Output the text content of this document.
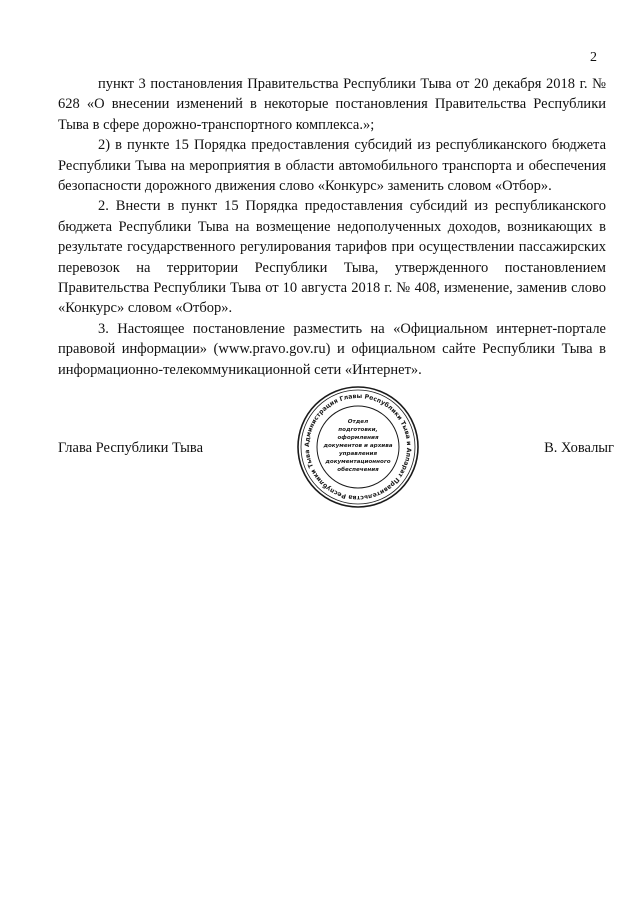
2

пункт 3 постановления Правительства Республики Тыва от 20 декабря 2018 г. № 628 «О внесении изменений в некоторые постановления Правительства Республики Тыва в сфере дорожно-транспортного комплекса.»;

2) в пункте 15 Порядка предоставления субсидий из республиканского бюджета Республики Тыва на мероприятия в области автомобильного транспорта и обеспечения безопасности дорожного движения слово «Конкурс» заменить словом «Отбор».

2. Внести в пункт 15 Порядка предоставления субсидий из республиканского бюджета Республики Тыва на возмещение недополученных доходов, возникающих в результате государственного регулирования тарифов при осуществлении пассажирских перевозок на территории Республики Тыва, утвержденного постановлением Правительства Республики Тыва от 10 августа 2018 г. № 408, изменение, заменив слово «Конкурс» словом «Отбор».

3. Настоящее постановление разместить на «Официальном интернет-портале правовой информации» (www.pravo.gov.ru) и официальном сайте Республики Тыва в информационно-телекоммуникационной сети «Интернет».

Администрация Главы Республики Тыва и Аппарат Правительства Республики Тыва
Отдел
подготовки,
оформления
документов и архива
управления
документационного
обеспечения
Глава Республики Тыва	В. Ховалыг
